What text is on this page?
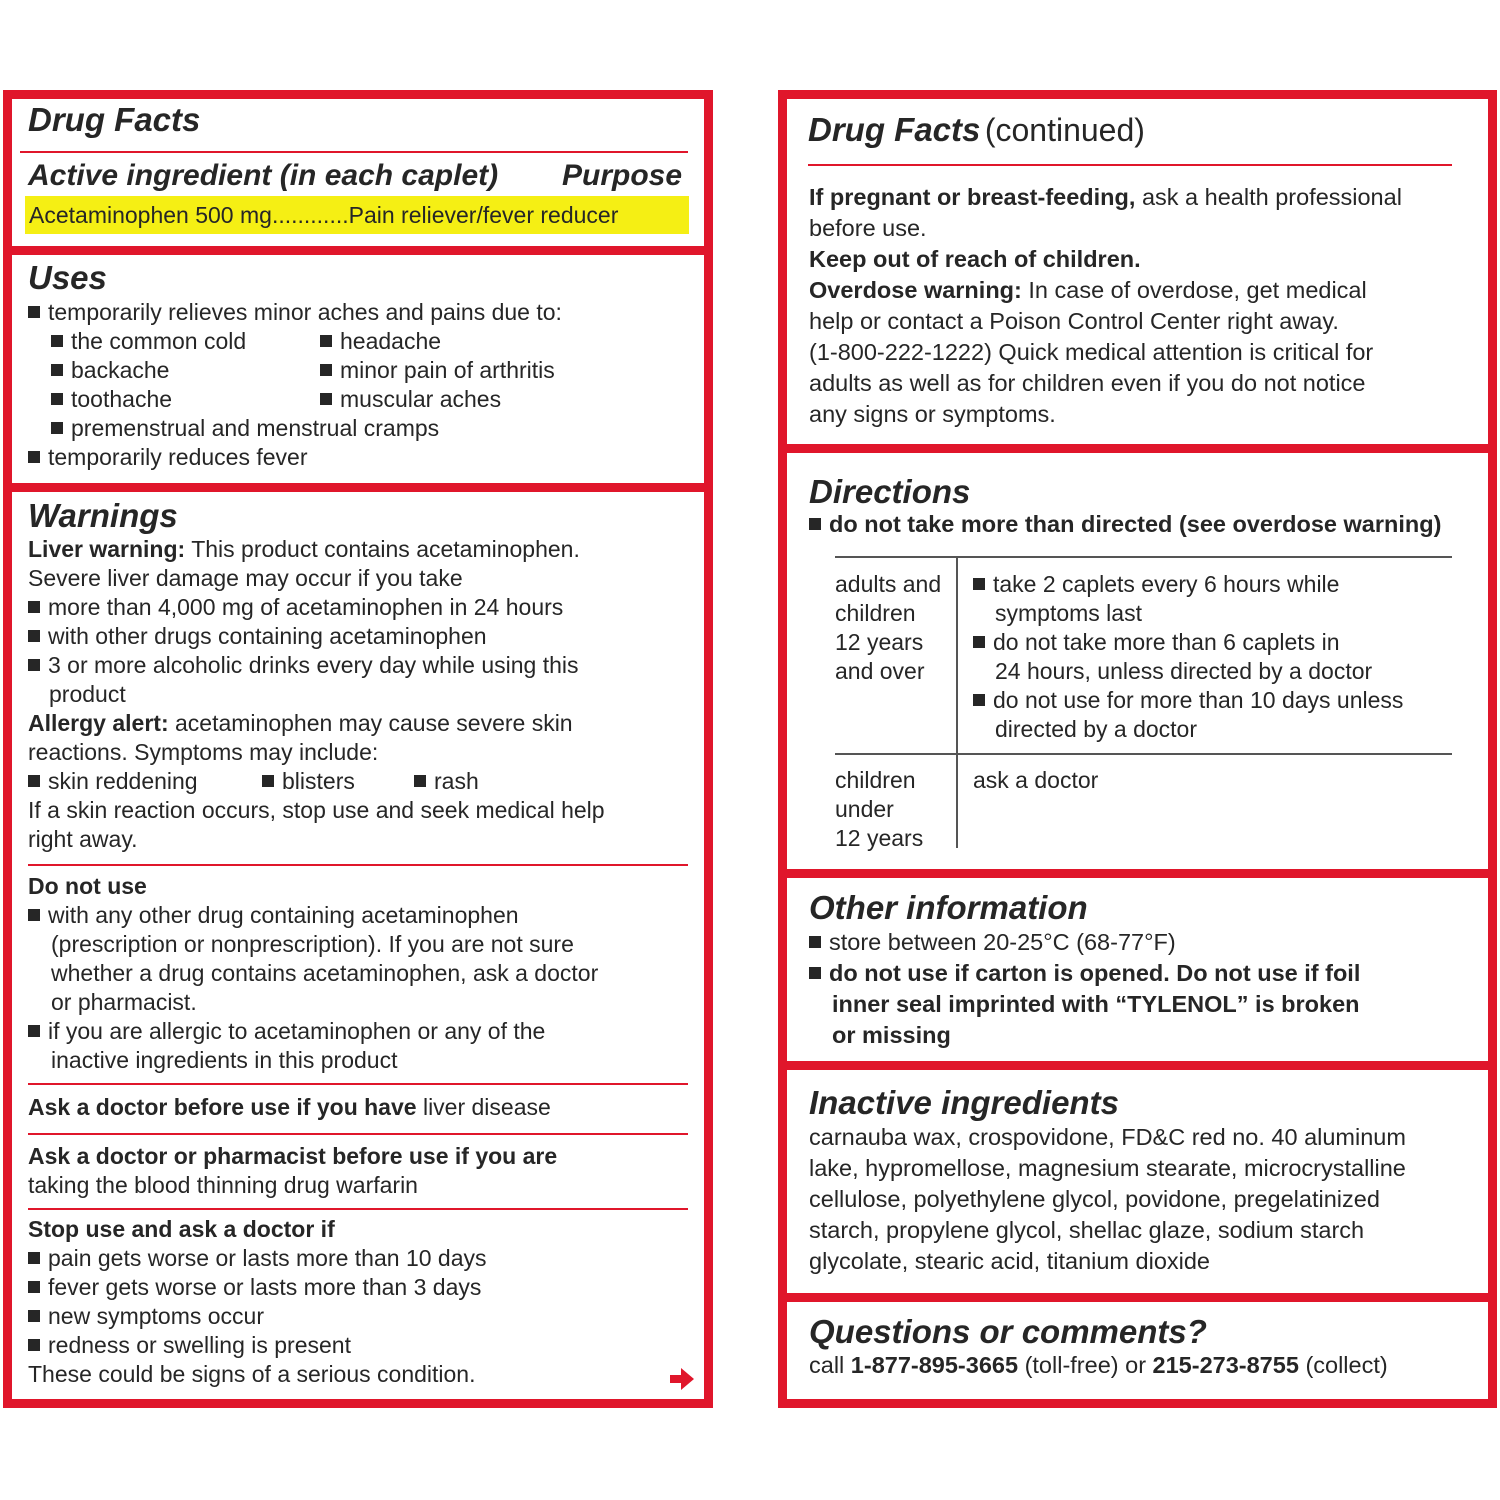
Drug Facts
Active ingredient (in each caplet) Purpose
Acetaminophen 500 mg............Pain reliever/fever reducer
Uses
temporarily relieves minor aches and pains due to:
the common cold
backache
toothache
headache
minor pain of arthritis
muscular aches
premenstrual and menstrual cramps
temporarily reduces fever
Warnings
Liver warning: This product contains acetaminophen.
Severe liver damage may occur if you take
more than 4,000 mg of acetaminophen in 24 hours
with other drugs containing acetaminophen
3 or more alcoholic drinks every day while using this
product
Allergy alert: acetaminophen may cause severe skin
reactions. Symptoms may include:
skin reddening	blisters	rash
If a skin reaction occurs, stop use and seek medical help
right away.
Do not use
with any other drug containing acetaminophen
(prescription or nonprescription). If you are not sure
whether a drug contains acetaminophen, ask a doctor
or pharmacist.
if you are allergic to acetaminophen or any of the
inactive ingredients in this product
Ask a doctor before use if you have liver disease
Ask a doctor or pharmacist before use if you are
taking the blood thinning drug warfarin
Stop use and ask a doctor if
pain gets worse or lasts more than 10 days
fever gets worse or lasts more than 3 days
new symptoms occur
redness or swelling is present
These could be signs of a serious condition.
Drug Facts (continued)
If pregnant or breast-feeding, ask a health professional
before use.
Keep out of reach of children.
Overdose warning: In case of overdose, get medical
help or contact a Poison Control Center right away.
(1-800-222-1222) Quick medical attention is critical for
adults as well as for children even if you do not notice
any signs or symptoms.
Directions
do not take more than directed (see overdose warning)
adults and
children
12 years
and over
take 2 caplets every 6 hours while
symptoms last
do not take more than 6 caplets in
24 hours, unless directed by a doctor
do not use for more than 10 days unless
directed by a doctor
children
under
12 years
ask a doctor
Other information
store between 20-25°C (68-77°F)
do not use if carton is opened. Do not use if foil
inner seal imprinted with “TYLENOL” is broken
or missing
Inactive ingredients
carnauba wax, crospovidone, FD&C red no. 40 aluminum
lake, hypromellose, magnesium stearate, microcrystalline
cellulose, polyethylene glycol, povidone, pregelatinized
starch, propylene glycol, shellac glaze, sodium starch
glycolate, stearic acid, titanium dioxide
Questions or comments?
call 1-877-895-3665 (toll-free) or 215-273-8755 (collect)
